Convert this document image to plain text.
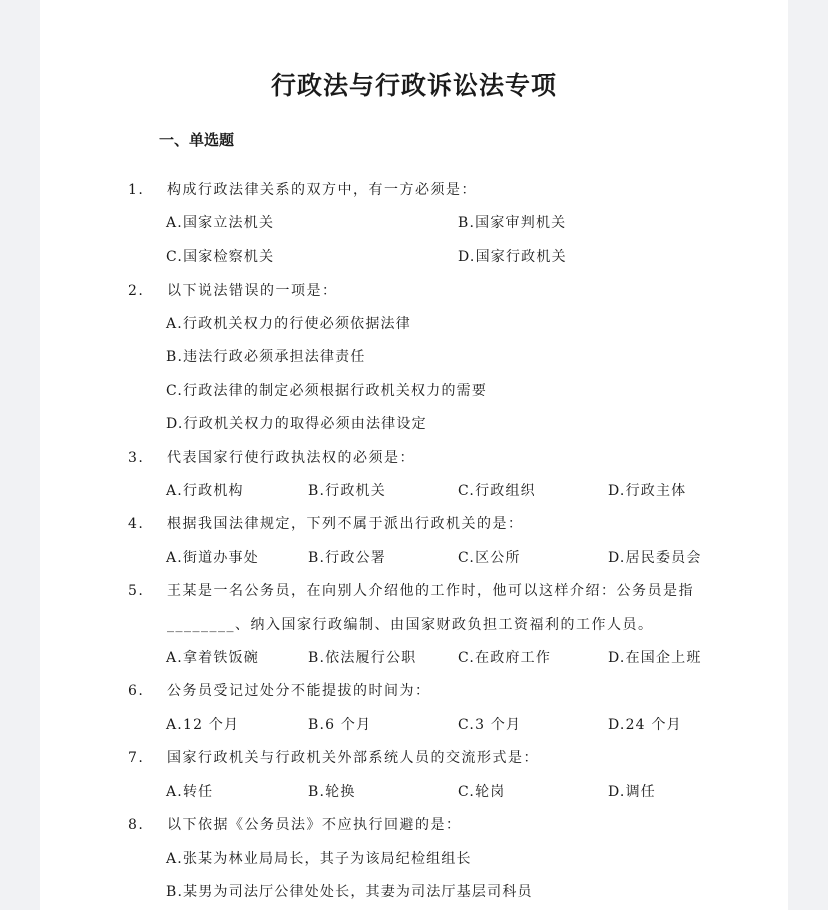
行政法与行政诉讼法专项
一、单选题
1. 构成行政法律关系的双方中，有一方必须是：
A.国家立法机关	B.国家审判机关
C.国家检察机关	D.国家行政机关
2. 以下说法错误的一项是：
A.行政机关权力的行使必须依据法律
B.违法行政必须承担法律责任
C.行政法律的制定必须根据行政机关权力的需要
D.行政机关权力的取得必须由法律设定
3. 代表国家行使行政执法权的必须是：
A.行政机构	B.行政机关	C.行政组织	D.行政主体
4. 根据我国法律规定，下列不属于派出行政机关的是：
A.街道办事处	B.行政公署	C.区公所	D.居民委员会
5. 王某是一名公务员，在向别人介绍他的工作时，他可以这样介绍：公务员是指
________、纳入国家行政编制、由国家财政负担工资福利的工作人员。
A.拿着铁饭碗	B.依法履行公职	C.在政府工作	D.在国企上班
6. 公务员受记过处分不能提拔的时间为：
A.12 个月	B.6 个月	C.3 个月	D.24 个月
7. 国家行政机关与行政机关外部系统人员的交流形式是：
A.转任	B.轮换	C.轮岗	D.调任
8. 以下依据《公务员法》不应执行回避的是：
A.张某为林业局局长，其子为该局纪检组组长
B.某男为司法厅公律处处长，其妻为司法厅基层司科员
